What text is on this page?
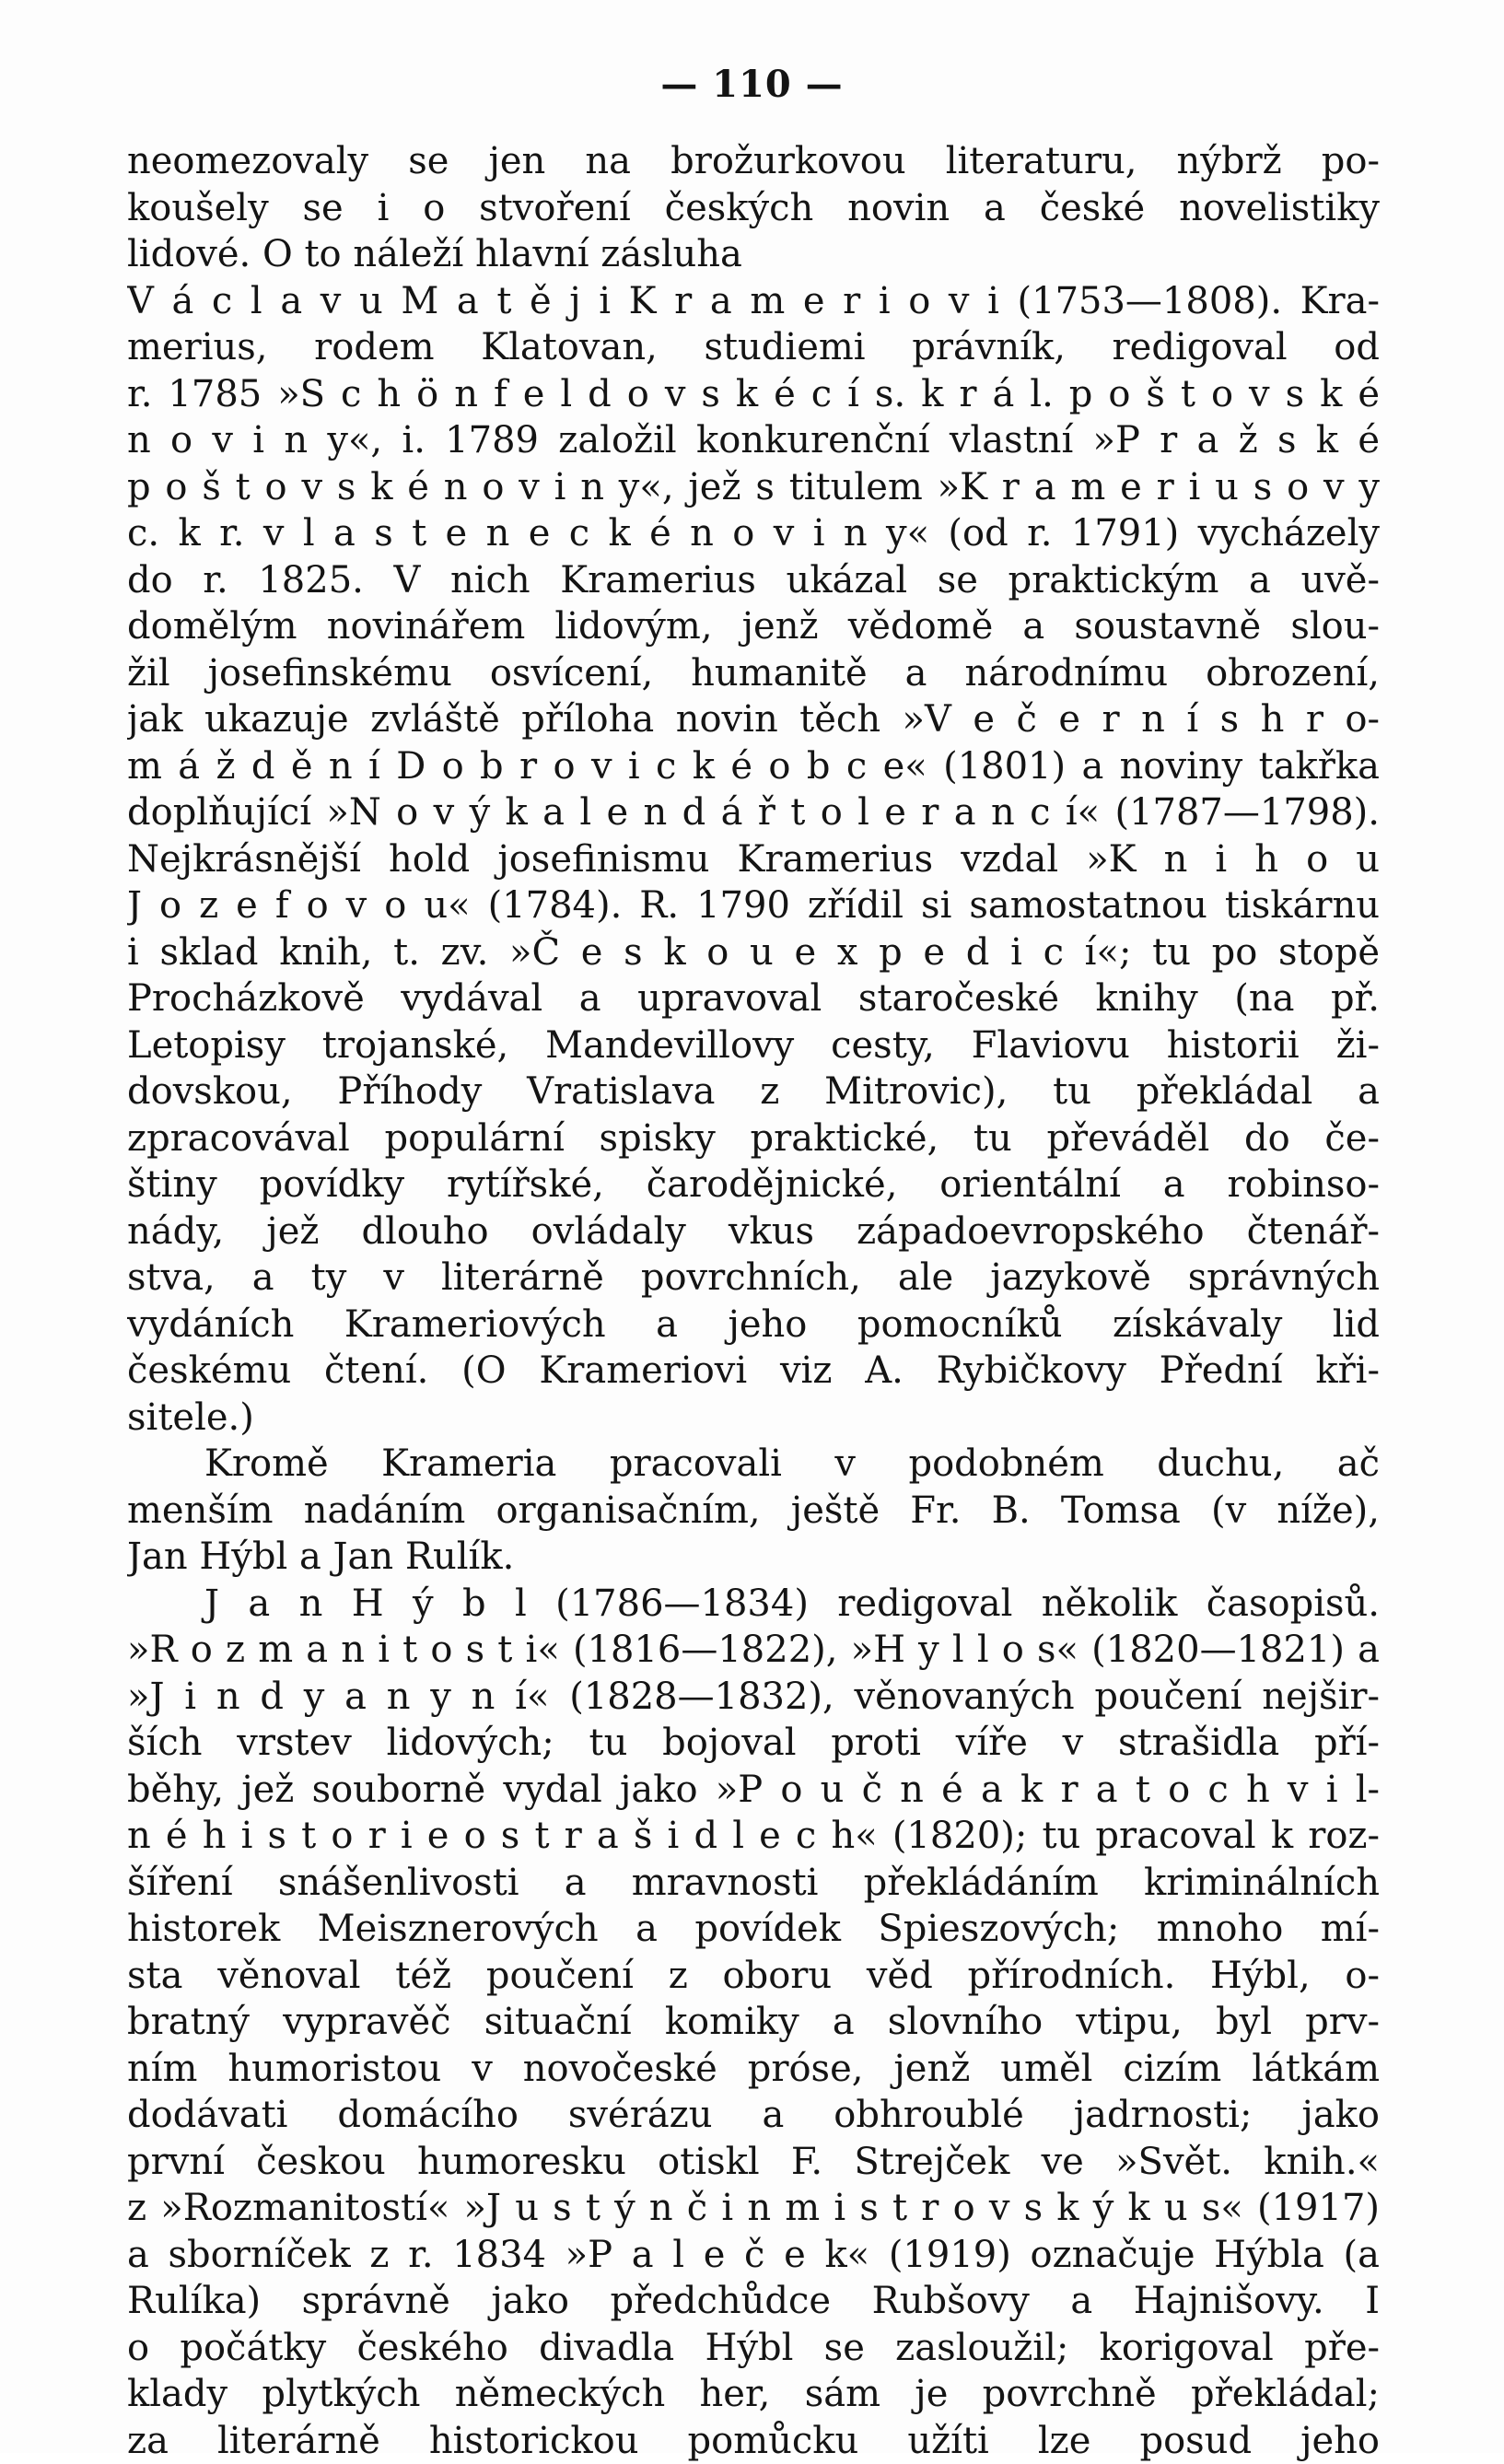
— 110 —
neomezovaly se jen na brožurkovou literaturu, nýbrž po-
koušely se i o stvoření českých novin a české novelistiky
lidové. O to náleží hlavní zásluha
V á c l a v u M a t ě j i K r a m e r i o v i (1753—1808). Kra-
merius, rodem Klatovan, studiemi právník, redigoval od
r. 1785 »S c h ö n f e l d o v s k é c í s. k r á l. p o š t o v s k é
n o v i n y«, i. 1789 založil konkurenční vlastní »P r a ž s k é
p o š t o v s k é n o v i n y«, jež s titulem »K r a m e r i u s o v y
c. k r. v l a s t e n e c k é n o v i n y« (od r. 1791) vycházely
do r. 1825. V nich Kramerius ukázal se praktickým a uvě-
domělým novinářem lidovým, jenž vědomě a soustavně slou-
žil josefinskému osvícení, humanitě a národnímu obrození,
jak ukazuje zvláště příloha novin těch »V e č e r n í s h r o-
m á ž d ě n í D o b r o v i c k é o b c e« (1801) a noviny takřka
doplňující »N o v ý k a l e n d á ř t o l e r a n c í« (1787—1798).
Nejkrásnější hold josefinismu Kramerius vzdal »K n i h o u
J o z e f o v o u« (1784). R. 1790 zřídil si samostatnou tiskárnu
i sklad knih, t. zv. »Č e s k o u e x p e d i c í«; tu po stopě
Procházkově vydával a upravoval staročeské knihy (na př.
Letopisy trojanské, Mandevillovy cesty, Flaviovu historii ži-
dovskou, Příhody Vratislava z Mitrovic), tu překládal a
zpracovával populární spisky praktické, tu převáděl do če-
štiny povídky rytířské, čarodějnické, orientální a robinso-
nády, jež dlouho ovládaly vkus západoevropského čtenář-
stva, a ty v literárně povrchních, ale jazykově správných
vydáních Krameriových a jeho pomocníků získávaly lid
českému čtení. (O Krameriovi viz A. Rybičkovy Přední kři-
sitele.)
Kromě Krameria pracovali v podobném duchu, ač
menším nadáním organisačním, ještě Fr. B. Tomsa (v níže),
Jan Hýbl a Jan Rulík.
J a n H ý b l (1786—1834) redigoval několik časopisů.
»R o z m a n i t o s t i« (1816—1822), »H y l l o s« (1820—1821) a
»J i n d y a n y n í« (1828—1832), věnovaných poučení nejšir-
ších vrstev lidových; tu bojoval proti víře v strašidla pří-
běhy, jež souborně vydal jako »P o u č n é a k r a t o c h v i l-
n é h i s t o r i e o s t r a š i d l e c h« (1820); tu pracoval k roz-
šíření snášenlivosti a mravnosti překládáním kriminálních
historek Meisznerových a povídek Spieszových; mnoho mí-
sta věnoval též poučení z oboru věd přírodních. Hýbl, o-
bratný vypravěč situační komiky a slovního vtipu, byl prv-
ním humoristou v novočeské próse, jenž uměl cizím látkám
dodávati domácího svérázu a obhroublé jadrnosti; jako
první českou humoresku otiskl F. Strejček ve »Svět. knih.«
z »Rozmanitostí« »J u s t ý n č i n m i s t r o v s k ý k u s« (1917)
a sborníček z r. 1834 »P a l e č e k« (1919) označuje Hýbla (a
Rulíka) správně jako předchůdce Rubšovy a Hajnišovy. I
o počátky českého divadla Hýbl se zasloužil; korigoval pře-
klady plytkých německých her, sám je povrchně překládal;
za literárně historickou pomůcku užíti lze posud jeho
